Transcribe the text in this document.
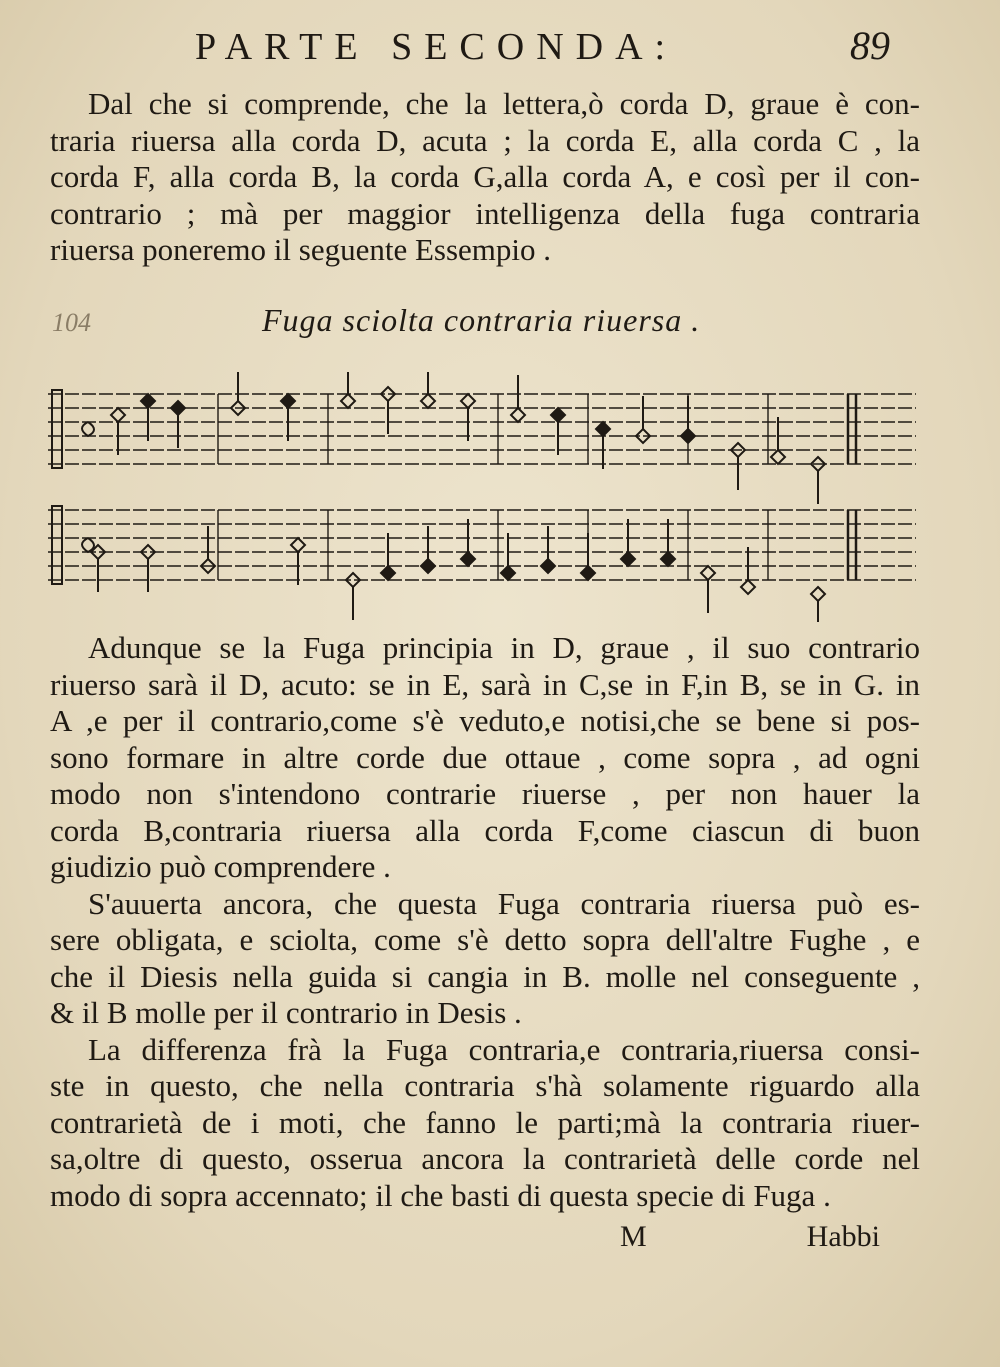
PARTE SECONDA:	89
Dal che si comprende, che la lettera,ò corda D, graue è con-
traria riuersa alla corda D, acuta ; la corda E, alla corda C , la
corda F, alla corda B, la corda G,alla corda A, e così per il con-
contrario ; mà per maggior intelligenza della fuga contraria
riuersa poneremo il seguente Essempio .
104	Fuga sciolta contraria riuersa .
Adunque se la Fuga principia in D, graue , il suo contrario
riuerso sarà il D, acuto: se in E, sarà in C,se in F,in B, se in G. in
A ,e per il contrario,come s'è veduto,e notisi,che se bene si pos-
sono formare in altre corde due ottaue , come sopra , ad ogni
modo non s'intendono contrarie riuerse , per non hauer la
corda B,contraria riuersa alla corda F,come ciascun di buon
giudizio può comprendere .
S'auuerta ancora, che questa Fuga contraria riuersa può es-
sere obligata, e sciolta, come s'è detto sopra dell'altre Fughe , e
che il Diesis nella guida si cangia in B. molle nel conseguente ,
& il B molle per il contrario in Desis .
La differenza frà la Fuga contraria,e contraria,riuersa consi-
ste in questo, che nella contraria s'hà solamente riguardo alla
contrarietà de i moti, che fanno le parti;mà la contraria riuer-
sa,oltre di questo, osserua ancora la contrarietà delle corde nel
modo di sopra accennato; il che basti di questa specie di Fuga .
M	Habbi
